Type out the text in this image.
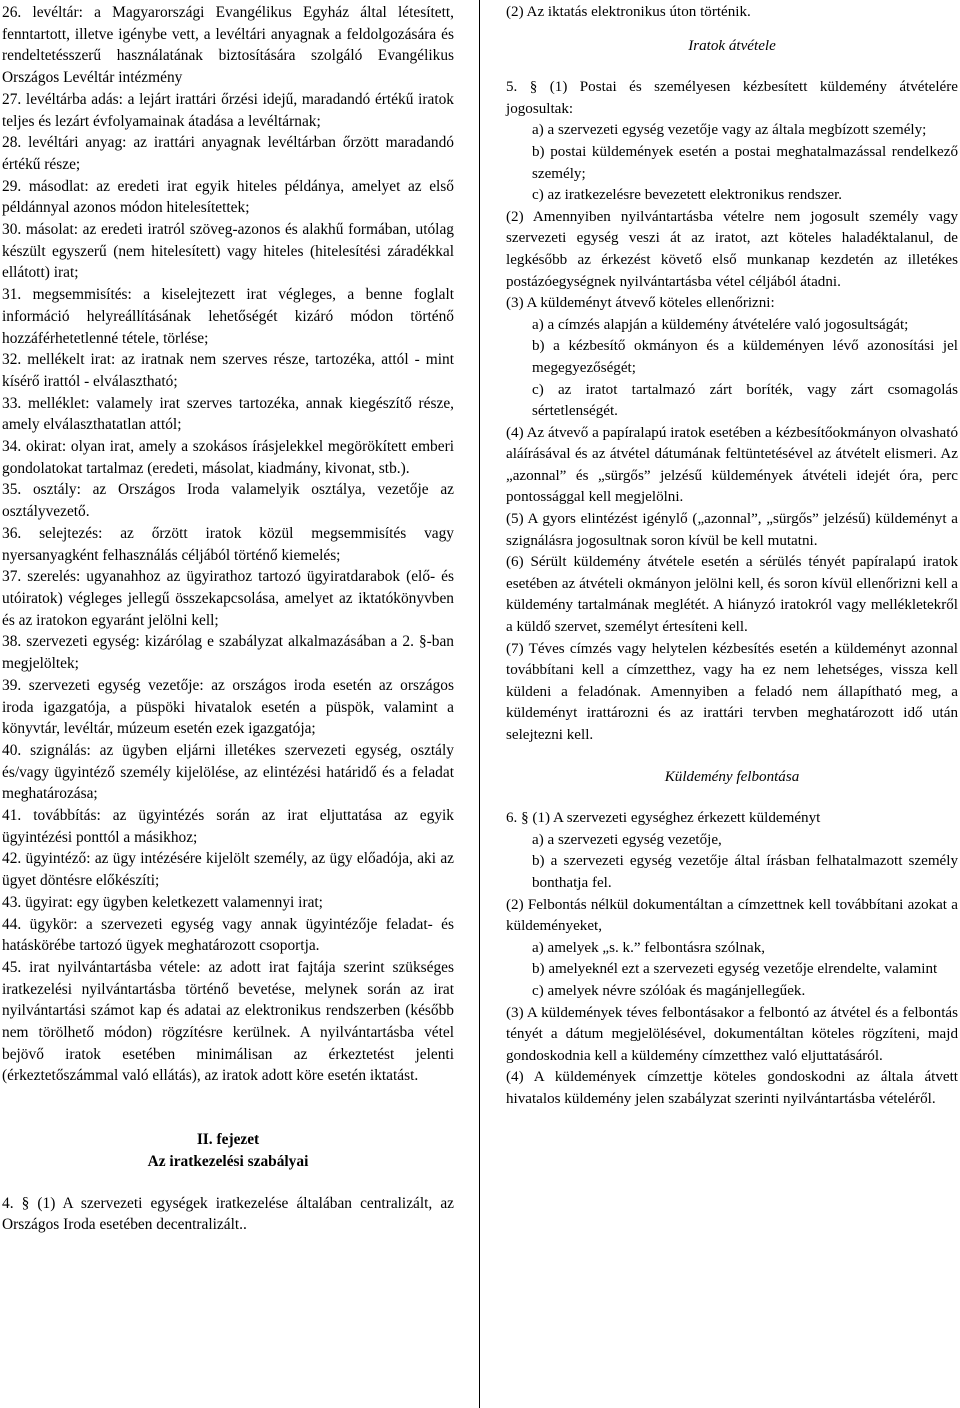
26. levéltár: a Magyarországi Evangélikus Egyház által létesített, fenntartott, illetve igénybe vett, a levéltári anyagnak a feldolgozására és rendeltetésszerű használatának biztosítására szolgáló Evangélikus Országos Levéltár intézmény

27. levéltárba adás: a lejárt irattári őrzési idejű, maradandó értékű iratok teljes és lezárt évfolyamainak átadása a levéltárnak;

28. levéltári anyag: az irattári anyagnak levéltárban őrzött maradandó értékű része;

29. másodlat: az eredeti irat egyik hiteles példánya, amelyet az első példánnyal azonos módon hitelesítettek;

30. másolat: az eredeti iratról szöveg-azonos és alakhű formában, utólag készült egyszerű (nem hitelesített) vagy hiteles (hitelesítési záradékkal ellátott) irat;

31. megsemmisítés: a kiselejtezett irat végleges, a benne foglalt információ helyreállításának lehetőségét kizáró módon történő hozzáférhetetlenné tétele, törlése;

32. mellékelt irat: az iratnak nem szerves része, tartozéka, attól - mint kísérő irattól - elválasztható;

33. melléklet: valamely irat szerves tartozéka, annak kiegészítő része, amely elválaszthatatlan attól;

34. okirat: olyan irat, amely a szokásos írásjelekkel megörökített emberi gondolatokat tartalmaz (eredeti, másolat, kiadmány, kivonat, stb.).

35. osztály: az Országos Iroda valamelyik osztálya, vezetője az osztályvezető.

36. selejtezés: az őrzött iratok közül megsemmisítés vagy nyersanyagként felhasználás céljából történő kiemelés;

37. szerelés: ugyanahhoz az ügyirathoz tartozó ügyiratdarabok (elő- és utóiratok) végleges jellegű összekapcsolása, amelyet az iktatókönyvben és az iratokon egyaránt jelölni kell;

38. szervezeti egység: kizárólag e szabályzat alkalmazásában a 2. §-ban megjelöltek;

39. szervezeti egység vezetője: az országos iroda esetén az országos iroda igazgatója, a püspöki hivatalok esetén a püspök, valamint a könyvtár, levéltár, múzeum esetén ezek igazgatója;

40. szignálás: az ügyben eljárni illetékes szervezeti egység, osztály és/vagy ügyintéző személy kijelölése, az elintézési határidő és a feladat meghatározása;

41. továbbítás: az ügyintézés során az irat eljuttatása az egyik ügyintézési ponttól a másikhoz;

42. ügyintéző: az ügy intézésére kijelölt személy, az ügy előadója, aki az ügyet döntésre előkészíti;

43. ügyirat: egy ügyben keletkezett valamennyi irat;

44. ügykör: a szervezeti egység vagy annak ügyintézője feladat- és hatáskörébe tartozó ügyek meghatározott csoportja.

45. irat nyilvántartásba vétele: az adott irat fajtája szerint szükséges iratkezelési nyilvántartásba történő bevetése, melynek során az irat nyilvántartási számot kap és adatai az elektronikus rendszerben (később nem törölhető módon) rögzítésre kerülnek. A nyilvántartásba vétel bejövő iratok esetében minimálisan az érkeztetést jelenti (érkeztetőszámmal való ellátás), az iratok adott köre esetén iktatást.

II. fejezet

Az iratkezelési szabályai

4. § (1) A szervezeti egységek iratkezelése általában centralizált, az Országos Iroda esetében decentralizált..

(2) Az iktatás elektronikus úton történik.

Iratok átvétele

5. § (1) Postai és személyesen kézbesített küldemény átvételére jogosultak:

a) a szervezeti egység vezetője vagy az általa megbízott személy;

b) postai küldemények esetén a postai meghatalmazással rendelkező személy;

c) az iratkezelésre bevezetett elektronikus rendszer.

(2) Amennyiben nyilvántartásba vételre nem jogosult személy vagy szervezeti egység veszi át az iratot, azt köteles haladéktalanul, de legkésőbb az érkezést követő első munkanap kezdetén az illetékes postázóegységnek nyilvántartásba vétel céljából átadni.

(3) A küldeményt átvevő köteles ellenőrizni:

a) a címzés alapján a küldemény átvételére való jogosultságát;

b) a kézbesítő okmányon és a küldeményen lévő azonosítási jel megegyezőségét;

c) az iratot tartalmazó zárt boríték, vagy zárt csomagolás sértetlenségét.

(4) Az átvevő a papíralapú iratok esetében a kézbesítőokmányon olvasható aláírásával és az átvétel dátumának feltüntetésével az átvételt elismeri. Az „azonnal” és „sürgős” jelzésű küldemények átvételi idejét óra, perc pontossággal kell megjelölni.

(5) A gyors elintézést igénylő („azonnal”, „sürgős” jelzésű) küldeményt a szignálásra jogosultnak soron kívül be kell mutatni.

(6) Sérült küldemény átvétele esetén a sérülés tényét papíralapú iratok esetében az átvételi okmányon jelölni kell, és soron kívül ellenőrizni kell a küldemény tartalmának meglétét. A hiányzó iratokról vagy mellékletekről a küldő szervet, személyt értesíteni kell.

(7) Téves címzés vagy helytelen kézbesítés esetén a küldeményt azonnal továbbítani kell a címzetthez, vagy ha ez nem lehetséges, vissza kell küldeni a feladónak. Amennyiben a feladó nem állapítható meg, a küldeményt irattározni és az irattári tervben meghatározott idő után selejtezni kell.

Küldemény felbontása

6. § (1) A szervezeti egységhez érkezett küldeményt

a) a szervezeti egység vezetője,

b) a szervezeti egység vezetője által írásban felhatalmazott személy bonthatja fel.

(2) Felbontás nélkül dokumentáltan a címzettnek kell továbbítani azokat a küldeményeket,

a) amelyek „s. k.” felbontásra szólnak,

b) amelyeknél ezt a szervezeti egység vezetője elrendelte, valamint

c) amelyek névre szólóak és magánjellegűek.

(3) A küldemények téves felbontásakor a felbontó az átvétel és a felbontás tényét a dátum megjelölésével, dokumentáltan köteles rögzíteni, majd gondoskodnia kell a küldemény címzetthez való eljuttatásáról.

(4) A küldemények címzettje köteles gondoskodni az általa átvett hivatalos küldemény jelen szabályzat szerinti nyilvántartásba vételéről.
